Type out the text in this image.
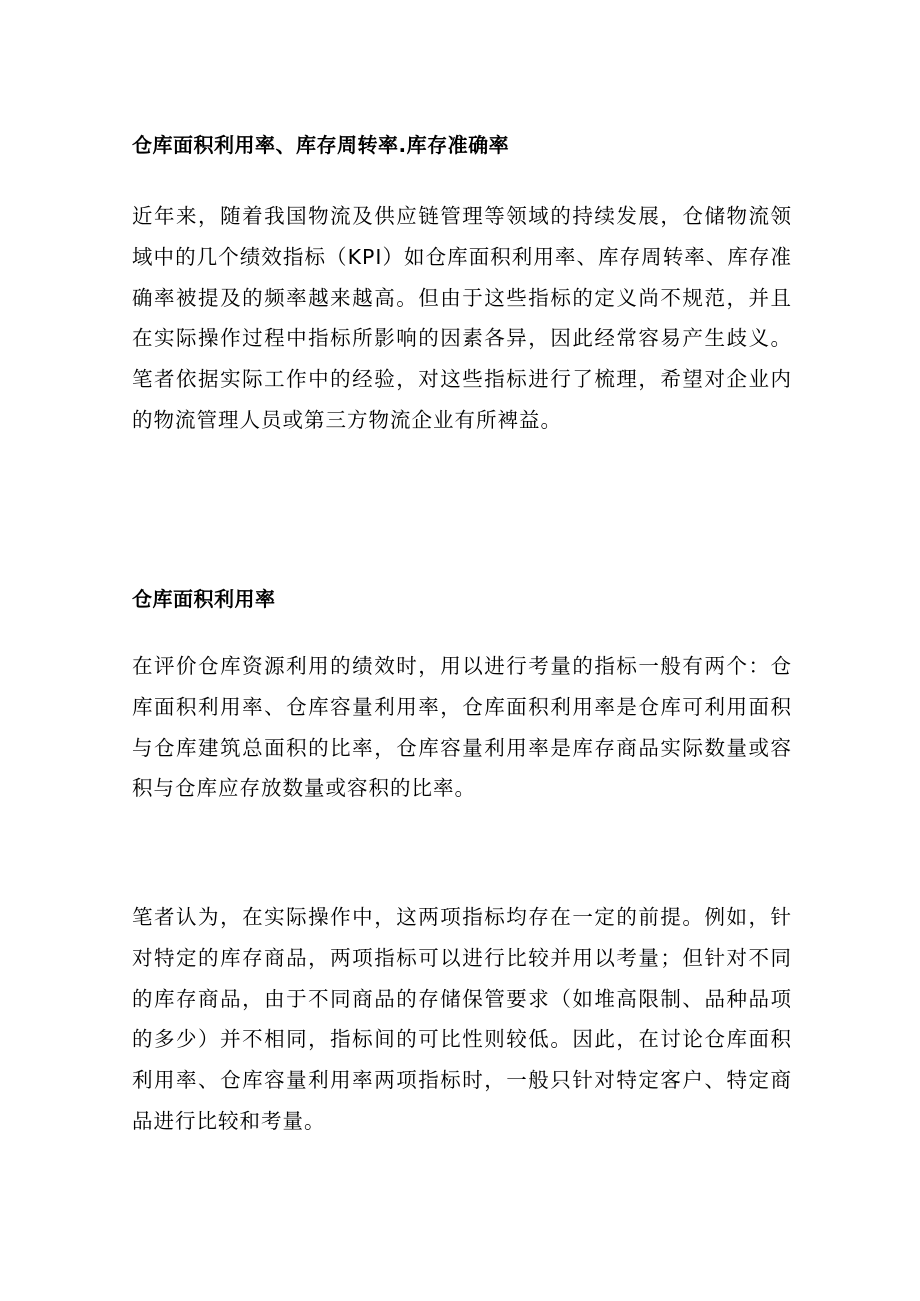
仓库面积利用率、库存周转率.库存准确率
近年来，随着我国物流及供应链管理等领域的持续发展，仓储物流领域中的几个绩效指标（KPI）如仓库面积利用率、库存周转率、库存准确率被提及的频率越来越高。但由于这些指标的定义尚不规范，并且在实际操作过程中指标所影响的因素各异，因此经常容易产生歧义。笔者依据实际工作中的经验，对这些指标进行了梳理，希望对企业内的物流管理人员或第三方物流企业有所裨益。
仓库面积利用率
在评价仓库资源利用的绩效时，用以进行考量的指标一般有两个：仓库面积利用率、仓库容量利用率，仓库面积利用率是仓库可利用面积与仓库建筑总面积的比率，仓库容量利用率是库存商品实际数量或容积与仓库应存放数量或容积的比率。
笔者认为，在实际操作中，这两项指标均存在一定的前提。例如，针对特定的库存商品，两项指标可以进行比较并用以考量；但针对不同的库存商品，由于不同商品的存储保管要求（如堆高限制、品种品项的多少）并不相同，指标间的可比性则较低。因此，在讨论仓库面积利用率、仓库容量利用率两项指标时，一般只针对特定客户、特定商品进行比较和考量。
